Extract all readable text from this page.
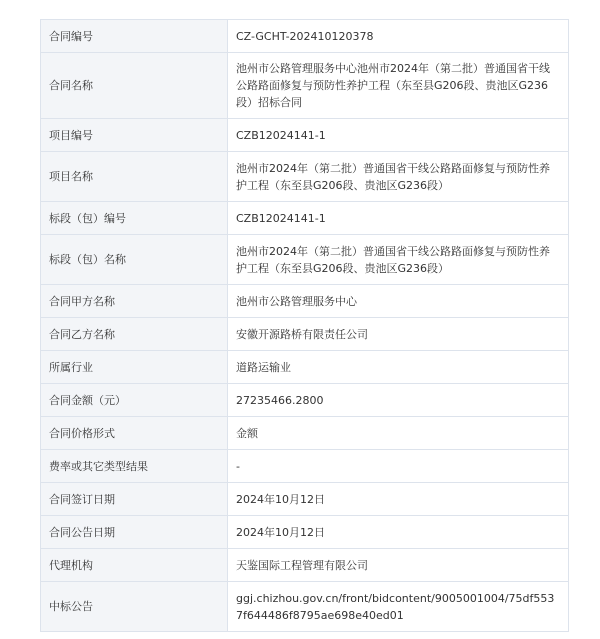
合同编号	CZ-GCHT-202410120378
合同名称	池州市公路管理服务中心池州市2024年（第二批）普通国省干线公路路面修复与预防性养护工程（东至县G206段、贵池区G236段）招标合同
项目编号	CZB12024141-1
项目名称	池州市2024年（第二批）普通国省干线公路路面修复与预防性养护工程（东至县G206段、贵池区G236段）
标段（包）编号	CZB12024141-1
标段（包）名称	池州市2024年（第二批）普通国省干线公路路面修复与预防性养护工程（东至县G206段、贵池区G236段）
合同甲方名称	池州市公路管理服务中心
合同乙方名称	安徽开源路桥有限责任公司
所属行业	道路运输业
合同金额（元）	27235466.2800
合同价格形式	金额
费率或其它类型结果	-
合同签订日期	2024年10月12日
合同公告日期	2024年10月12日
代理机构	天鉴国际工程管理有限公司
中标公告	ggj.chizhou.gov.cn/front/bidcontent/9005001004/75df5537f644486f8795ae698e40ed01
